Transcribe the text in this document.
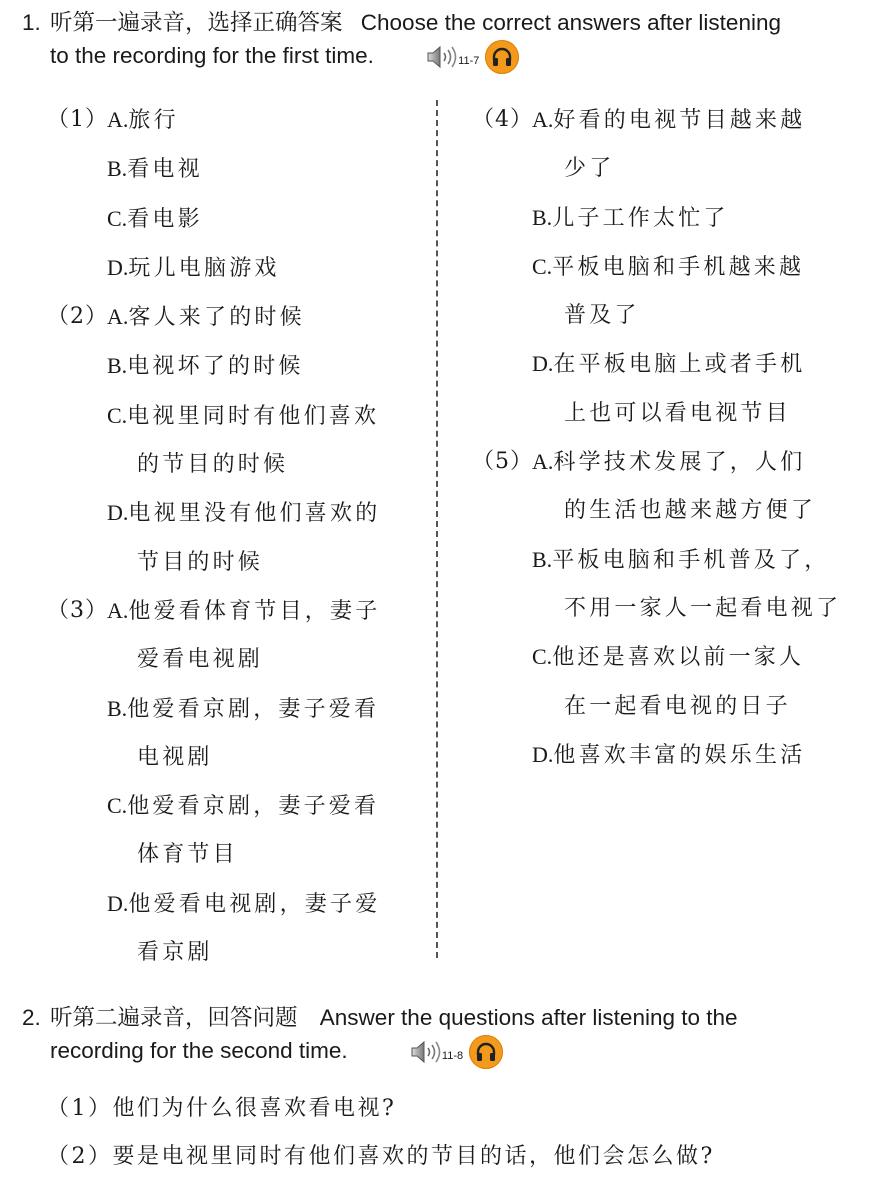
1. 听第一遍录音，选择正确答案 Choose the correct answers after listening
to the recording for the first time.	11-7
（1） A.旅行
B.看电视
C.看电影
D.玩儿电脑游戏
（2） A.客人来了的时候
B.电视坏了的时候
C.电视里同时有他们喜欢
的节目的时候
D.电视里没有他们喜欢的
节目的时候
（3） A.他爱看体育节目，妻子
爱看电视剧
B.他爱看京剧，妻子爱看
电视剧
C.他爱看京剧，妻子爱看
体育节目
D.他爱看电视剧，妻子爱
看京剧
（4） A.好看的电视节目越来越
少了
B.儿子工作太忙了
C.平板电脑和手机越来越
普及了
D.在平板电脑上或者手机
上也可以看电视节目
（5） A.科学技术发展了，人们
的生活也越来越方便了
B.平板电脑和手机普及了，
不用一家人一起看电视了
C.他还是喜欢以前一家人
在一起看电视的日子
D.他喜欢丰富的娱乐生活
2. 听第二遍录音，回答问题 Answer the questions after listening to the
recording for the second time.	11-8
（1）他们为什么很喜欢看电视?
（2）要是电视里同时有他们喜欢的节目的话，他们会怎么做?
